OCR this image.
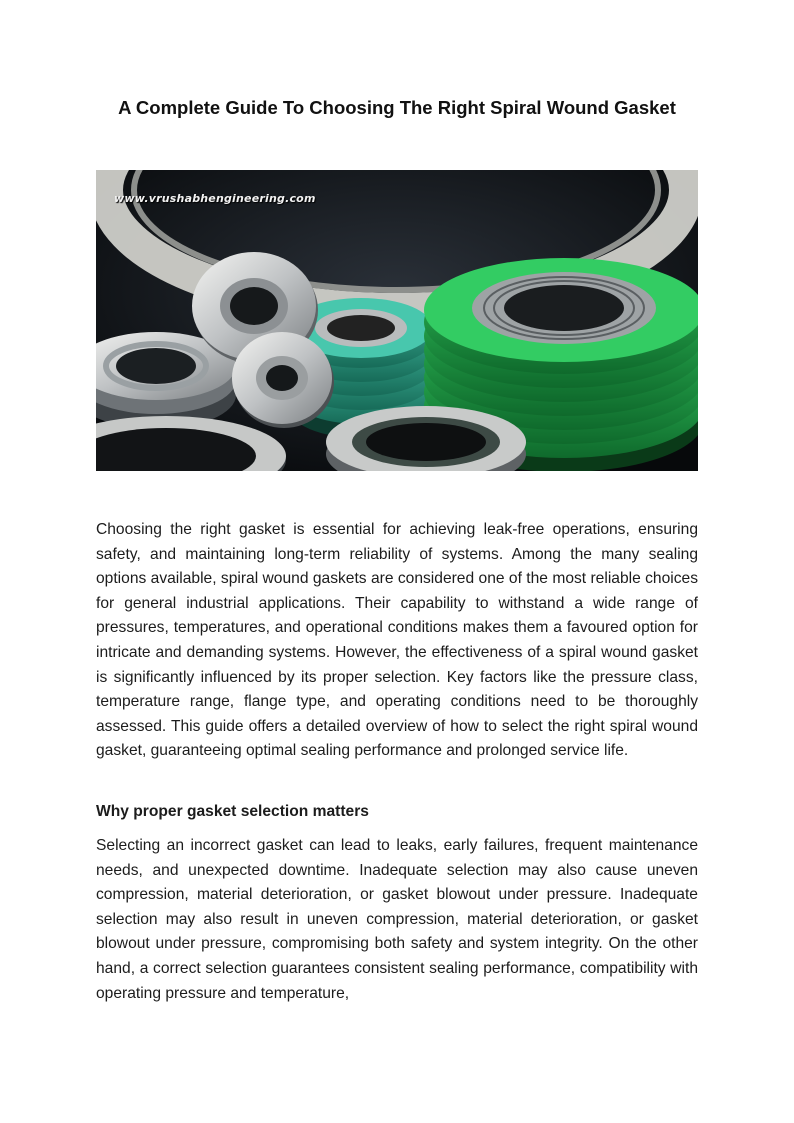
A Complete Guide To Choosing The Right Spiral Wound Gasket
www.vrushabhengineering.com

Choosing the right gasket is essential for achieving leak-free operations, ensuring safety, and maintaining long-term reliability of systems. Among the many sealing options available, spiral wound gaskets are considered one of the most reliable choices for general industrial applications. Their capability to withstand a wide range of pressures, temperatures, and operational conditions makes them a favoured option for intricate and demanding systems. However, the effectiveness of a spiral wound gasket is significantly influenced by its proper selection. Key factors like the pressure class, temperature range, flange type, and operating conditions need to be thoroughly assessed. This guide offers a detailed overview of how to select the right spiral wound gasket, guaranteeing optimal sealing performance and prolonged service life.

Why proper gasket selection matters

Selecting an incorrect gasket can lead to leaks, early failures, frequent maintenance needs, and unexpected downtime. Inadequate selection may also cause uneven compression, material deterioration, or gasket blowout under pressure. Inadequate selection may also result in uneven compression, material deterioration, or gasket blowout under pressure, compromising both safety and system integrity. On the other hand, a correct selection guarantees consistent sealing performance, compatibility with operating pressure and temperature,
